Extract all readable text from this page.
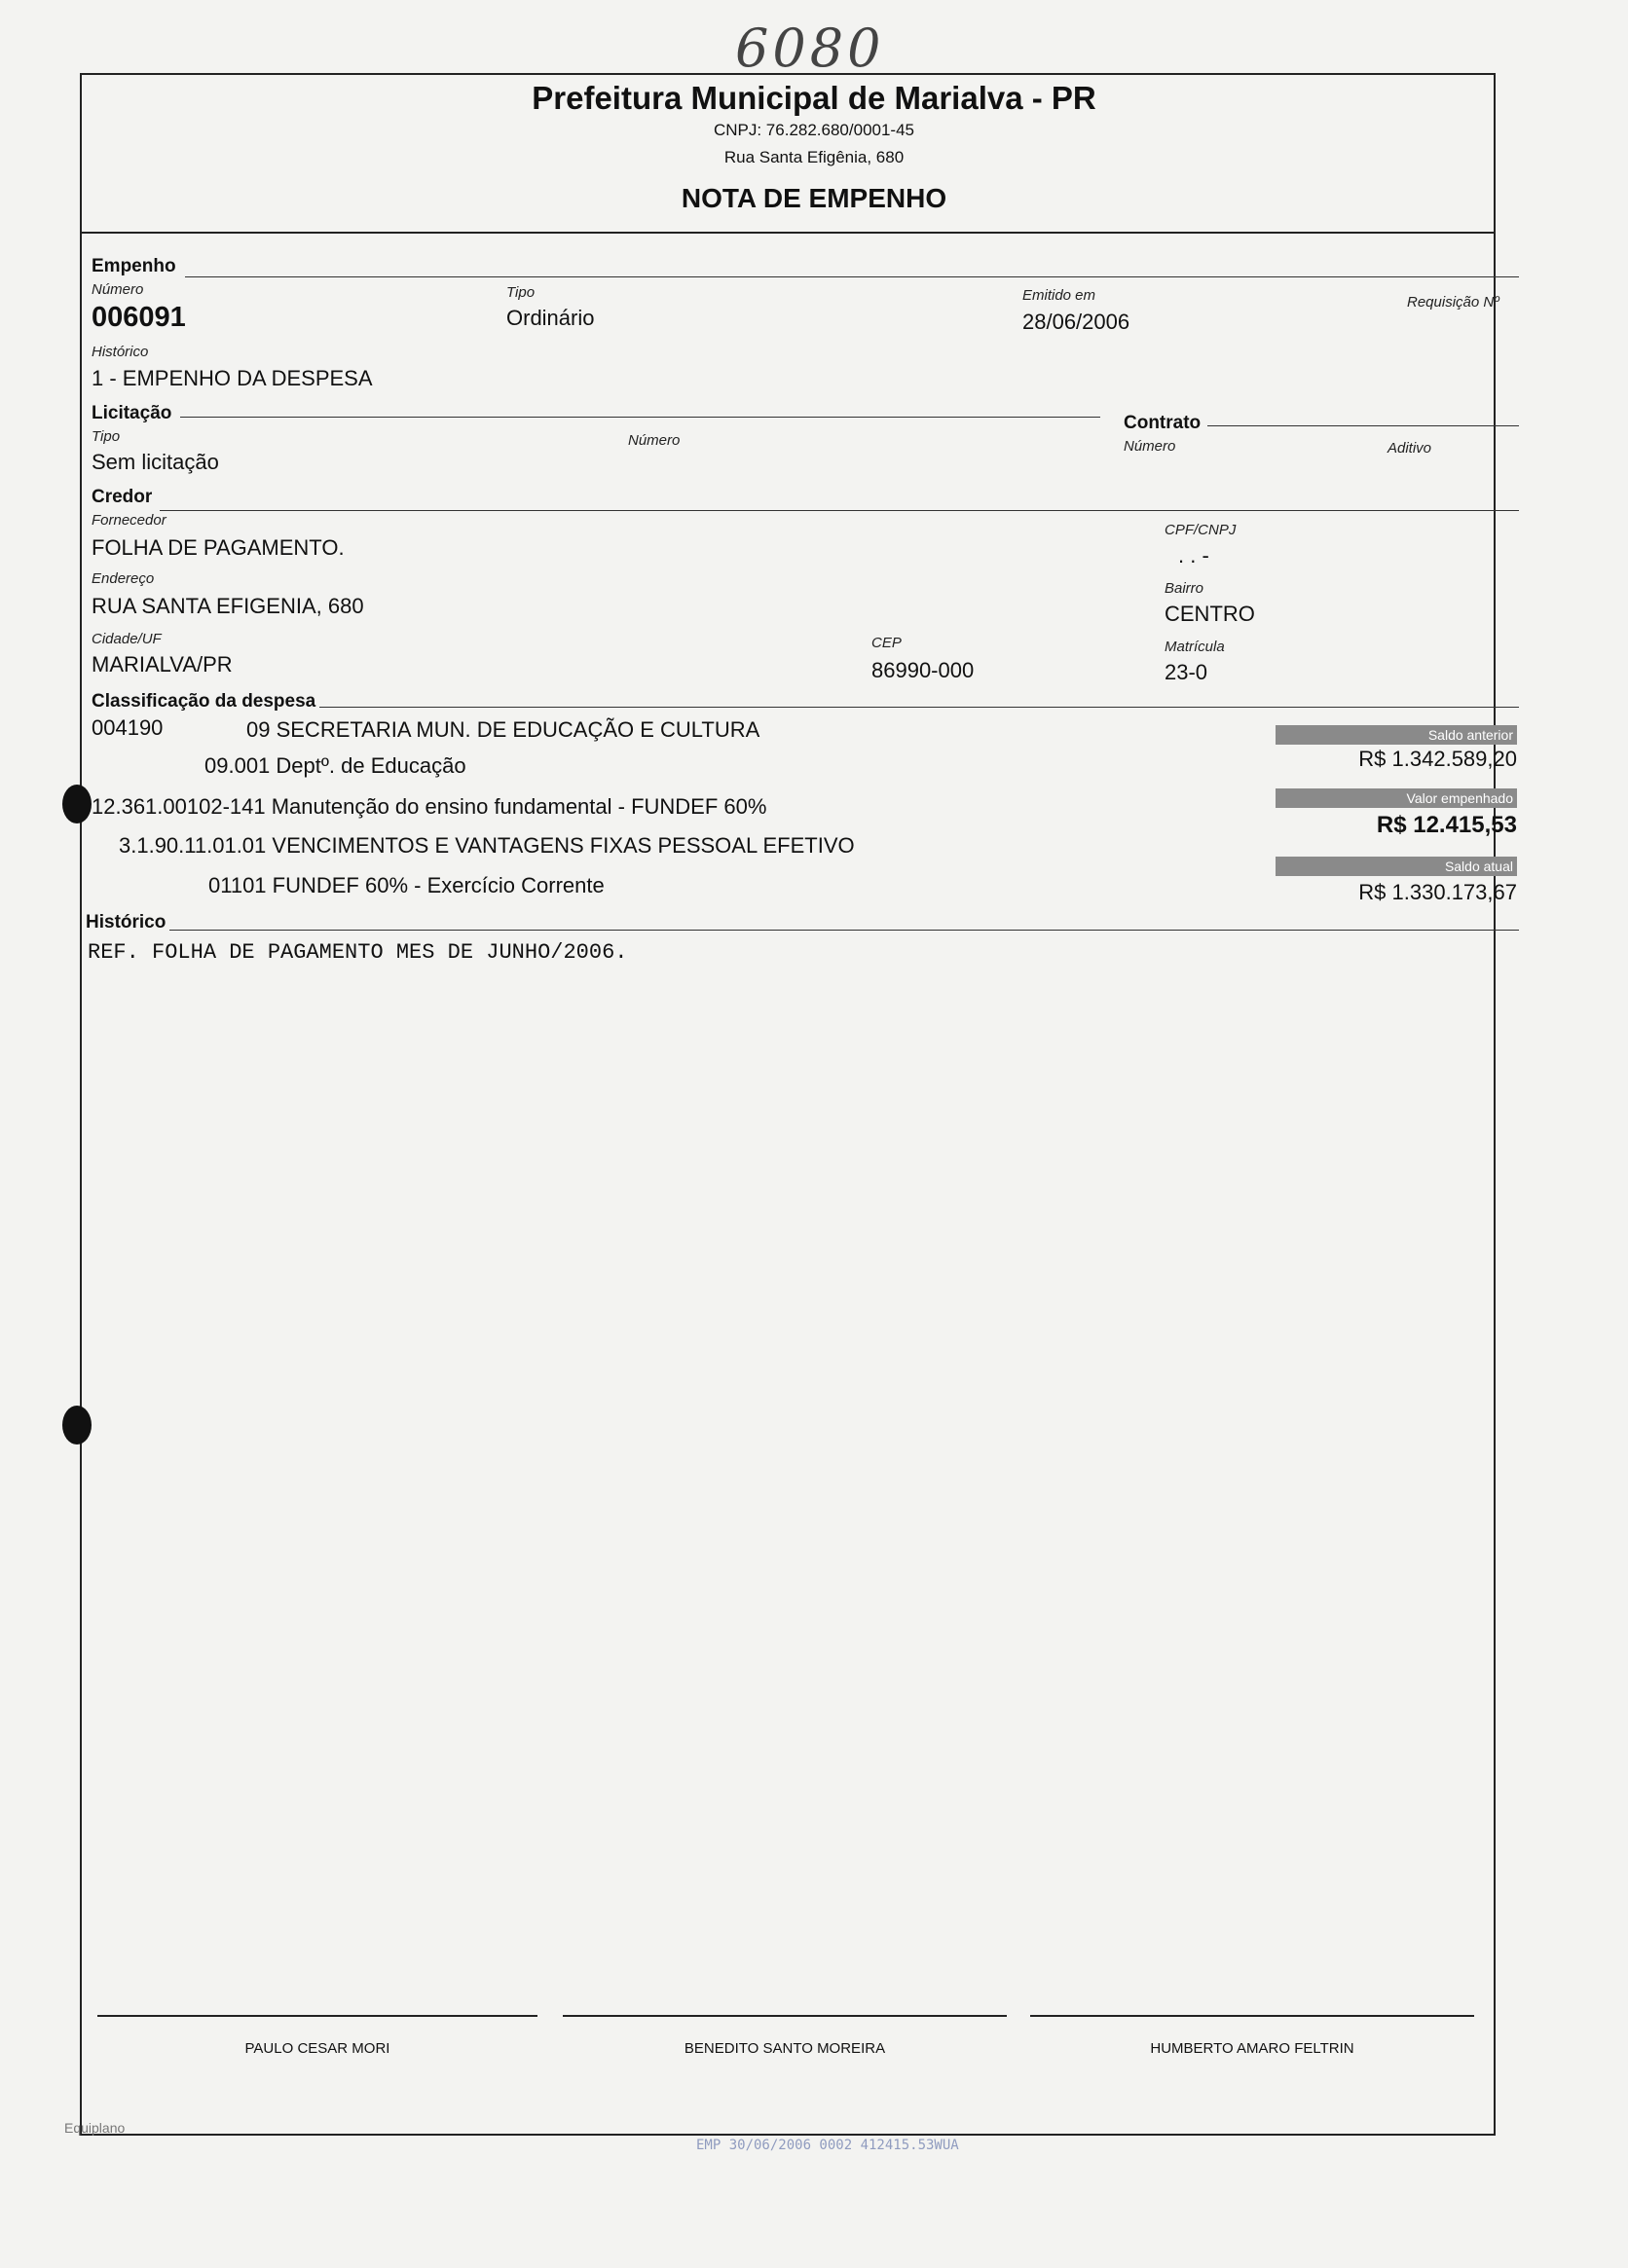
6080
Prefeitura Municipal de Marialva - PR
CNPJ: 76.282.680/0001-45
Rua Santa Efigênia, 680
NOTA DE EMPENHO
Empenho
Número
006091
Tipo
Ordinário
Emitido em
28/06/2006
Requisição Nº
Histórico
1 - EMPENHO DA DESPESA
Licitação
Tipo
Sem licitação
Número
Contrato
Número	Aditivo
Credor
Fornecedor
FOLHA DE PAGAMENTO.
CPF/CNPJ
. . -
Endereço
RUA SANTA EFIGENIA, 680
Bairro
CENTRO
Cidade/UF
MARIALVA/PR
CEP
86990-000
Matrícula
23-0
Classificação da despesa
004190	09 SECRETARIA MUN. DE EDUCAÇÃO E CULTURA
09.001 Deptº. de Educação
12.361.00102-141 Manutenção do ensino fundamental - FUNDEF 60%
3.1.90.11.01.01 VENCIMENTOS E VANTAGENS FIXAS PESSOAL EFETIVO
01101 FUNDEF 60% - Exercício Corrente
Saldo anterior
R$ 1.342.589,20
Valor empenhado
R$ 12.415,53
Saldo atual
R$ 1.330.173,67
Histórico
REF. FOLHA DE PAGAMENTO MES DE JUNHO/2006.
PAULO CESAR MORI	BENEDITO SANTO MOREIRA	HUMBERTO AMARO FELTRIN
Equiplano
EMP 30/06/2006 0002 412415.53WUA
